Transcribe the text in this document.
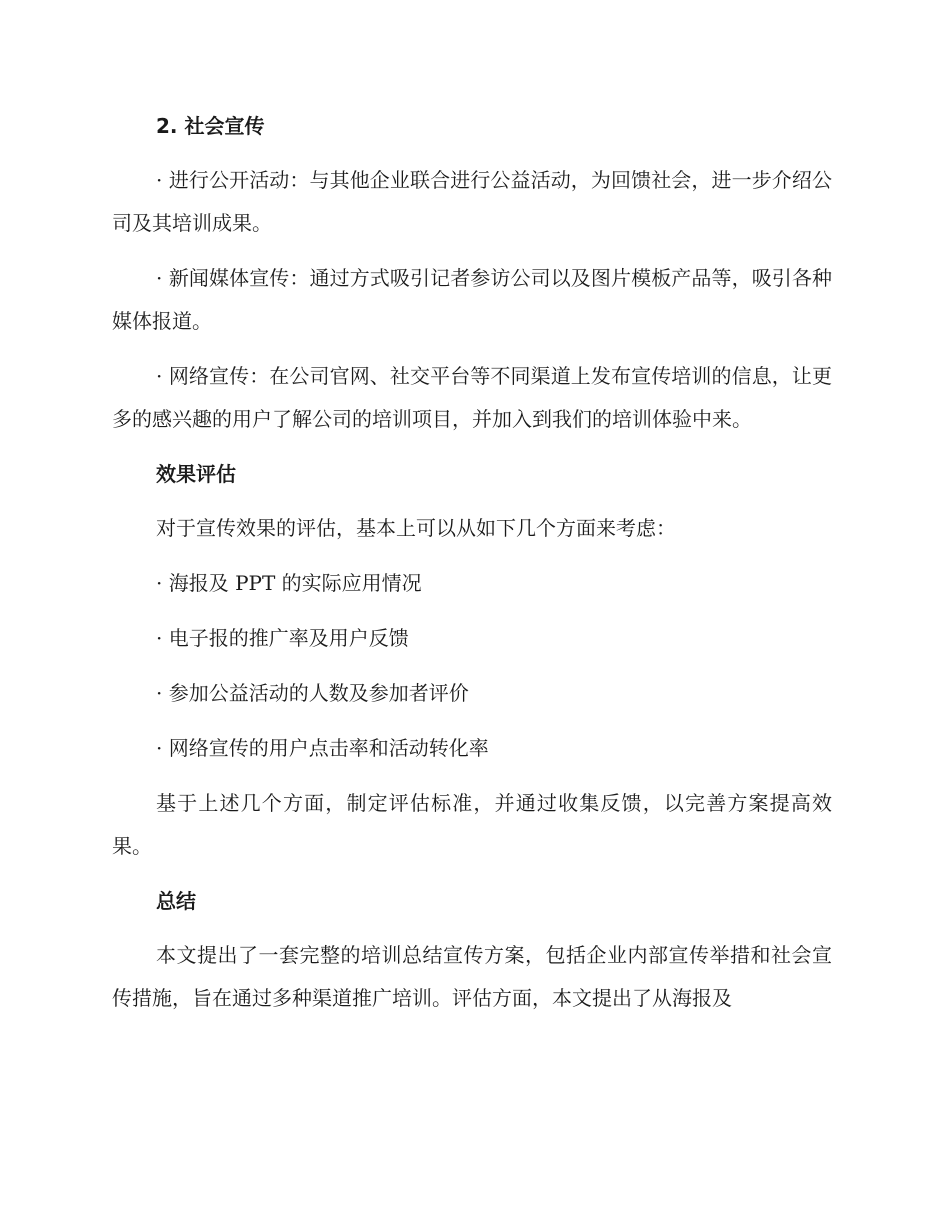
2. 社会宣传

· 进行公开活动：与其他企业联合进行公益活动，为回馈社会，进一步介绍公司及其培训成果。

· 新闻媒体宣传：通过方式吸引记者参访公司以及图片模板产品等，吸引各种媒体报道。

· 网络宣传：在公司官网、社交平台等不同渠道上发布宣传培训的信息，让更多的感兴趣的用户了解公司的培训项目，并加入到我们的培训体验中来。

效果评估

对于宣传效果的评估，基本上可以从如下几个方面来考虑：

· 海报及 PPT 的实际应用情况

· 电子报的推广率及用户反馈

· 参加公益活动的人数及参加者评价

· 网络宣传的用户点击率和活动转化率

基于上述几个方面，制定评估标准，并通过收集反馈，以完善方案提高效果。

总结

本文提出了一套完整的培训总结宣传方案，包括企业内部宣传举措和社会宣传措施，旨在通过多种渠道推广培训。评估方面，本文提出了从海报及
